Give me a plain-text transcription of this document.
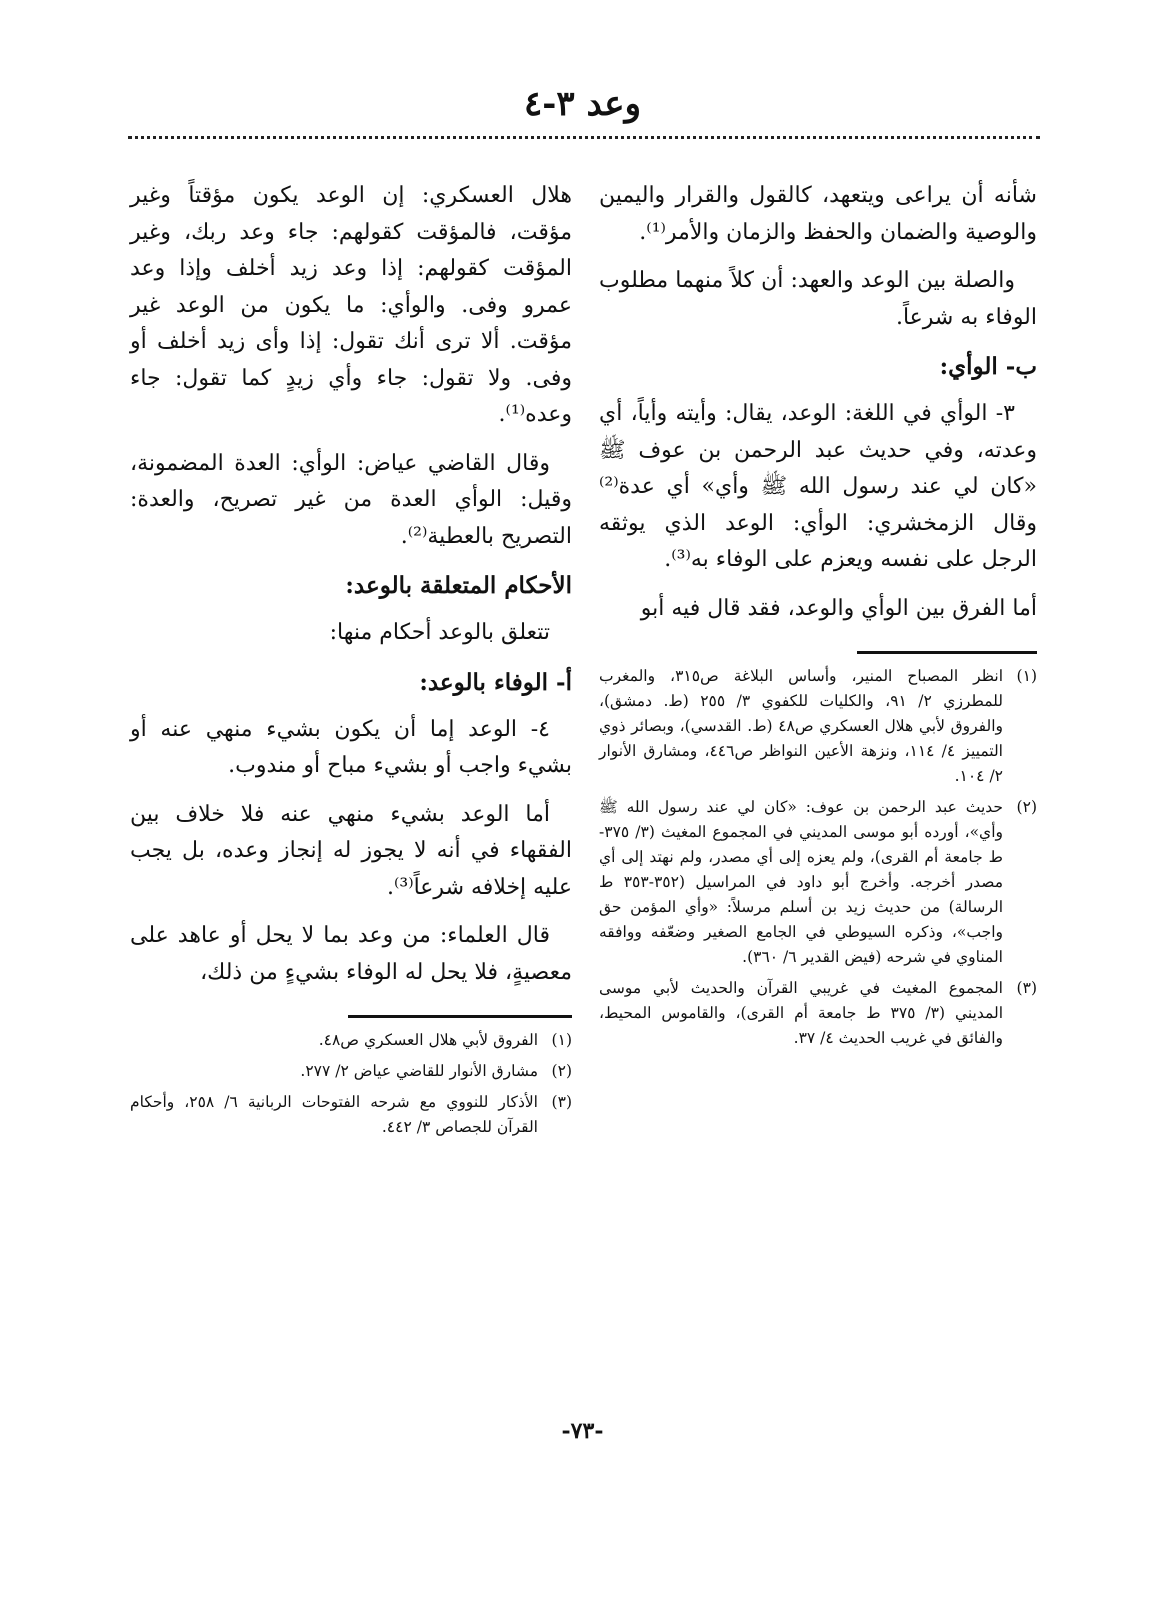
وعد ٣-٤

شأنه أن يراعى ويتعهد، كالقول والقرار واليمين والوصية والضمان والحفظ والزمان والأمر⁽¹⁾.

والصلة بين الوعد والعهد: أن كلاً منهما مطلوب الوفاء به شرعاً.

ب- الوأي:

٣- الوأي في اللغة: الوعد، يقال: وأيته وأياً، أي وعدته، وفي حديث عبد الرحمن بن عوف ﷺ «كان لي عند رسول الله ﷺ وأي» أي عدة⁽²⁾ وقال الزمخشري: الوأي: الوعد الذي يوثقه الرجل على نفسه ويعزم على الوفاء به⁽³⁾.

أما الفرق بين الوأي والوعد، فقد قال فيه أبو

(١)
انظر المصباح المنير، وأساس البلاغة ص٣١٥، والمغرب للمطرزي ٢/ ٩١، والكليات للكفوي ٣/ ٢٥٥ (ط. دمشق)، والفروق لأبي هلال العسكري ص٤٨ (ط. القدسي)، وبصائر ذوي التمييز ٤/ ١١٤، ونزهة الأعين النواظر ص٤٤٦، ومشارق الأنوار ٢/ ١٠٤.
(٢)
حديث عبد الرحمن بن عوف: «كان لي عند رسول الله ﷺ وأي»، أورده أبو موسى المديني في المجموع المغيث (٣/ ٣٧٥- ط جامعة أم القرى)، ولم يعزه إلى أي مصدر، ولم نهتد إلى أي مصدر أخرجه. وأخرج أبو داود في المراسيل (٣٥٢-٣٥٣ ط الرسالة) من حديث زيد بن أسلم مرسلاً: «وأي المؤمن حق واجب»، وذكره السيوطي في الجامع الصغير وضعّفه ووافقه المناوي في شرحه (فيض القدير ٦/ ٣٦٠).
(٣)
المجموع المغيث في غريبي القرآن والحديث لأبي موسى المديني (٣/ ٣٧٥ ط جامعة أم القرى)، والقاموس المحيط، والفائق في غريب الحديث ٤/ ٣٧.

هلال العسكري: إن الوعد يكون مؤقتاً وغير مؤقت، فالمؤقت كقولهم: جاء وعد ربك، وغير المؤقت كقولهم: إذا وعد زيد أخلف وإذا وعد عمرو وفى. والوأي: ما يكون من الوعد غير مؤقت. ألا ترى أنك تقول: إذا وأى زيد أخلف أو وفى. ولا تقول: جاء وأي زيدٍ كما تقول: جاء وعده⁽¹⁾.

وقال القاضي عياض: الوأي: العدة المضمونة، وقيل: الوأي العدة من غير تصريح، والعدة: التصريح بالعطية⁽²⁾.

الأحكام المتعلقة بالوعد:

تتعلق بالوعد أحكام منها:

أ- الوفاء بالوعد:

٤- الوعد إما أن يكون بشيء منهي عنه أو بشيء واجب أو بشيء مباح أو مندوب.

أما الوعد بشيء منهي عنه فلا خلاف بين الفقهاء في أنه لا يجوز له إنجاز وعده، بل يجب عليه إخلافه شرعاً⁽³⁾.

قال العلماء: من وعد بما لا يحل أو عاهد على معصيةٍ، فلا يحل له الوفاء بشيءٍ من ذلك،

(١)
الفروق لأبي هلال العسكري ص٤٨.
(٢)
مشارق الأنوار للقاضي عياض ٢/ ٢٧٧.
(٣)
الأذكار للنووي مع شرحه الفتوحات الربانية ٦/ ٢٥٨، وأحكام القرآن للجصاص ٣/ ٤٤٢.
-٧٣-
